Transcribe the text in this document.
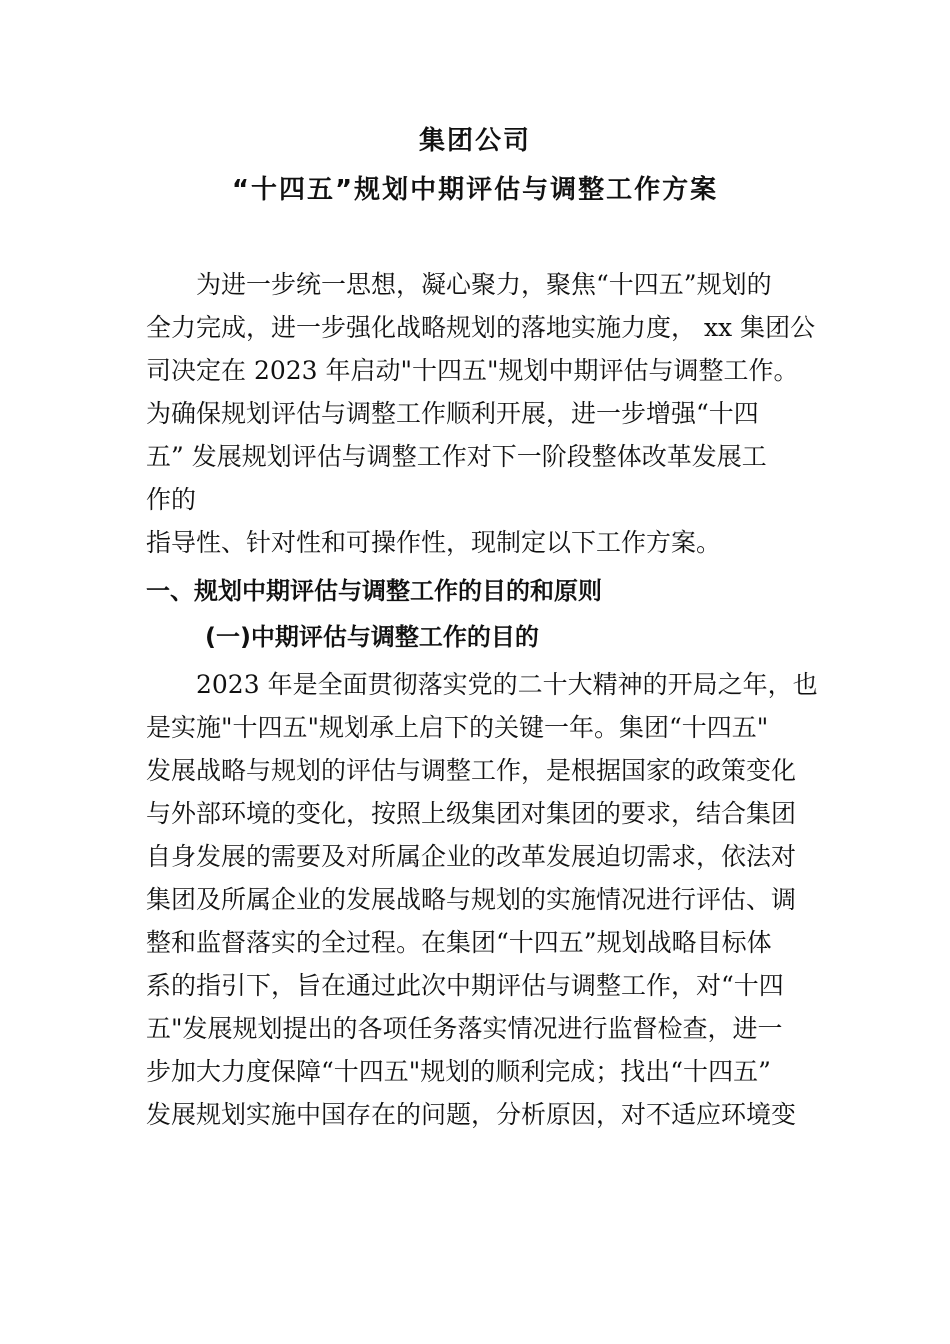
集团公司
“十四五”规划中期评估与调整工作方案
　　为进一步统一思想，凝心聚力，聚焦“十四五”规划的
全力完成，进一步强化战略规划的落地实施力度， xx 集团公
司决定在 2023 年启动"十四五"规划中期评估与调整工作。
为确保规划评估与调整工作顺利开展，进一步增强“十四
五” 发展规划评估与调整工作对下一阶段整体改革发展工
作的
指导性、针对性和可操作性，现制定以下工作方案。
一、规划中期评估与调整工作的目的和原则
(一)中期评估与调整工作的目的
　　2023 年是全面贯彻落实党的二十大精神的开局之年，也
是实施"十四五"规划承上启下的关键一年。集团“十四五"
发展战略与规划的评估与调整工作，是根据国家的政策变化
与外部环境的变化，按照上级集团对集团的要求，结合集团
自身发展的需要及对所属企业的改革发展迫切需求，依法对
集团及所属企业的发展战略与规划的实施情况进行评估、调
整和监督落实的全过程。在集团“十四五”规划战略目标体
系的指引下，旨在通过此次中期评估与调整工作，对“十四
五"发展规划提出的各项任务落实情况进行监督检查，进一
步加大力度保障“十四五"规划的顺利完成；找出“十四五”
发展规划实施中国存在的问题，分析原因，对不适应环境变
